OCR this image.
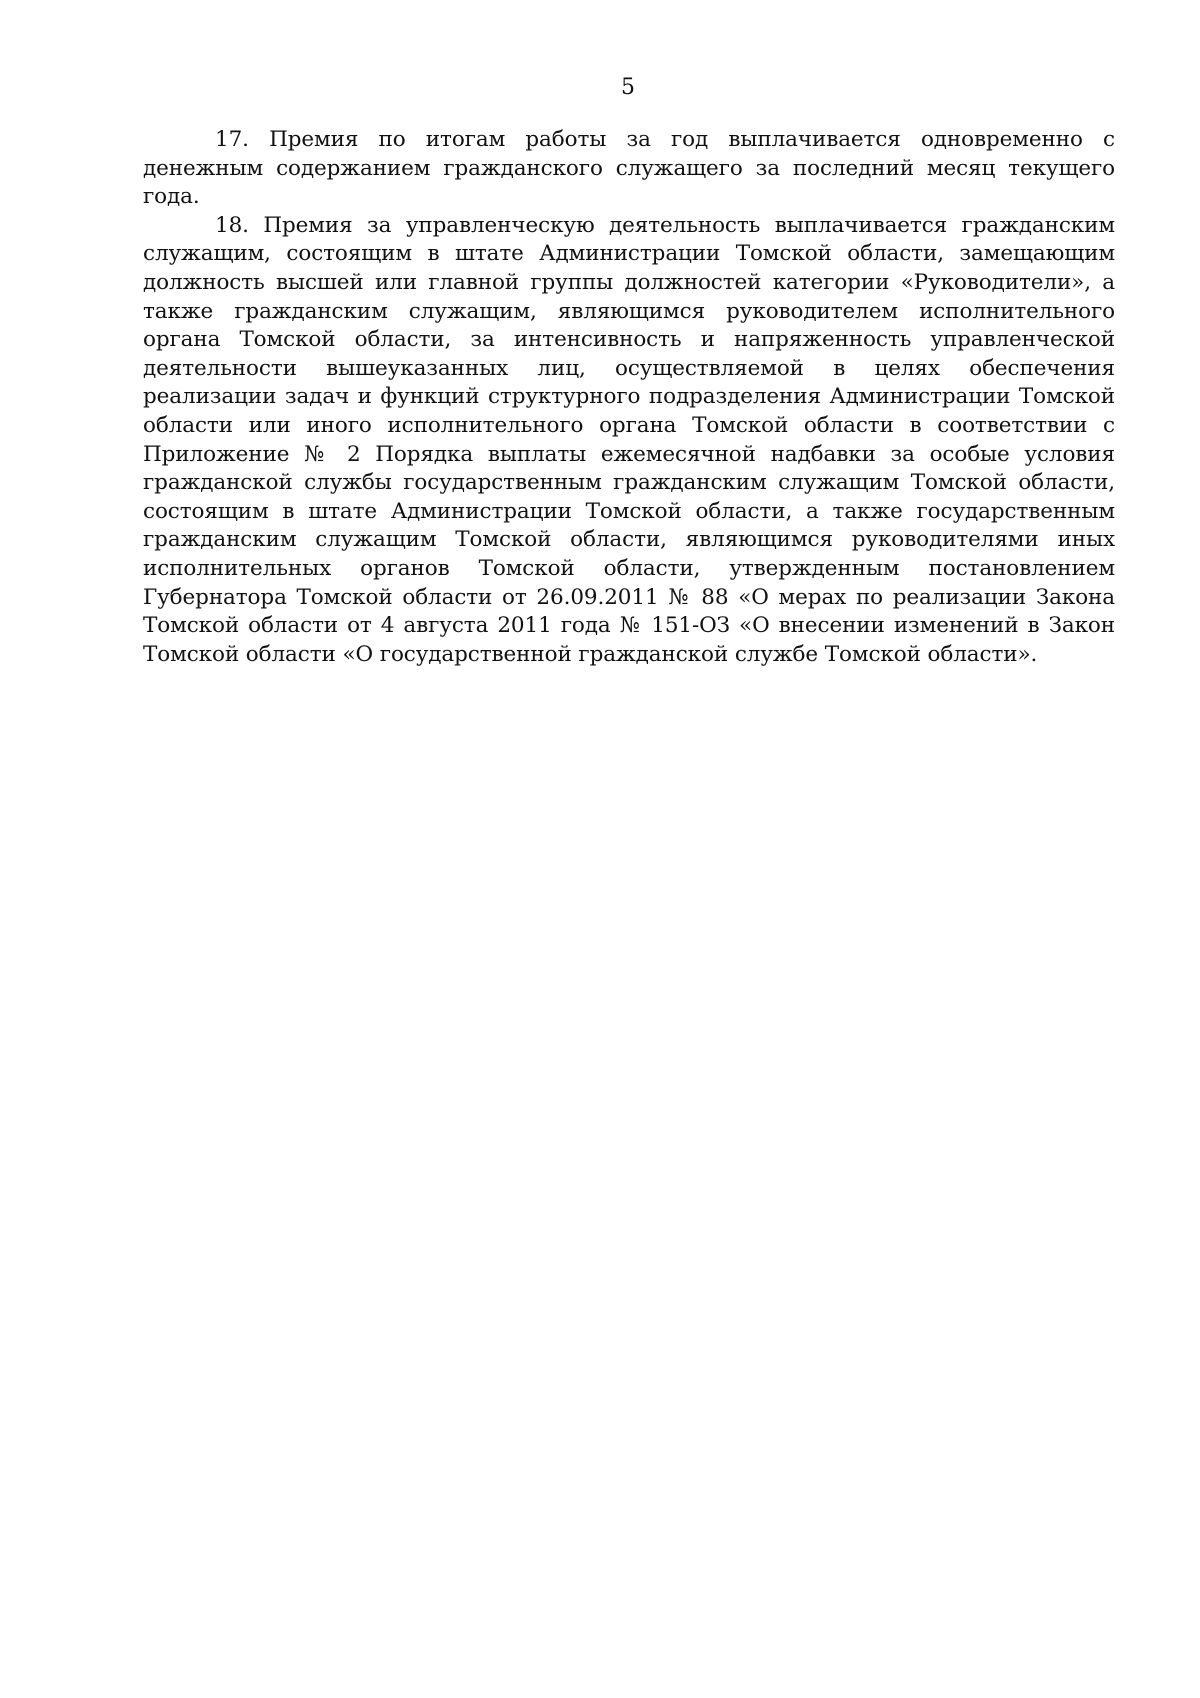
5

17. Премия по итогам работы за год выплачивается одновременно с денежным содержанием гражданского служащего за последний месяц текущего года.

18. Премия за управленческую деятельность выплачивается гражданским служащим, состоящим в штате Администрации Томской области, замещающим должность высшей или главной группы должностей категории «Руководители», а также гражданским служащим, являющимся руководителем исполнительного органа Томской области, за интенсивность и напряженность управленческой деятельности вышеуказанных лиц, осуществляемой в целях обеспечения реализации задач и функций структурного подразделения Администрации Томской области или иного исполнительного органа Томской области в соответствии с Приложение № 2 Порядка выплаты ежемесячной надбавки за особые условия гражданской службы государственным гражданским служащим Томской области, состоящим в штате Администрации Томской области, а также государственным гражданским служащим Томской области, являющимся руководителями иных исполнительных органов Томской области, утвержденным постановлением Губернатора Томской области от 26.09.2011 № 88 «О мерах по реализации Закона Томской области от 4 августа 2011 года № 151-ОЗ «О внесении изменений в Закон Томской области «О государственной гражданской службе Томской области».
